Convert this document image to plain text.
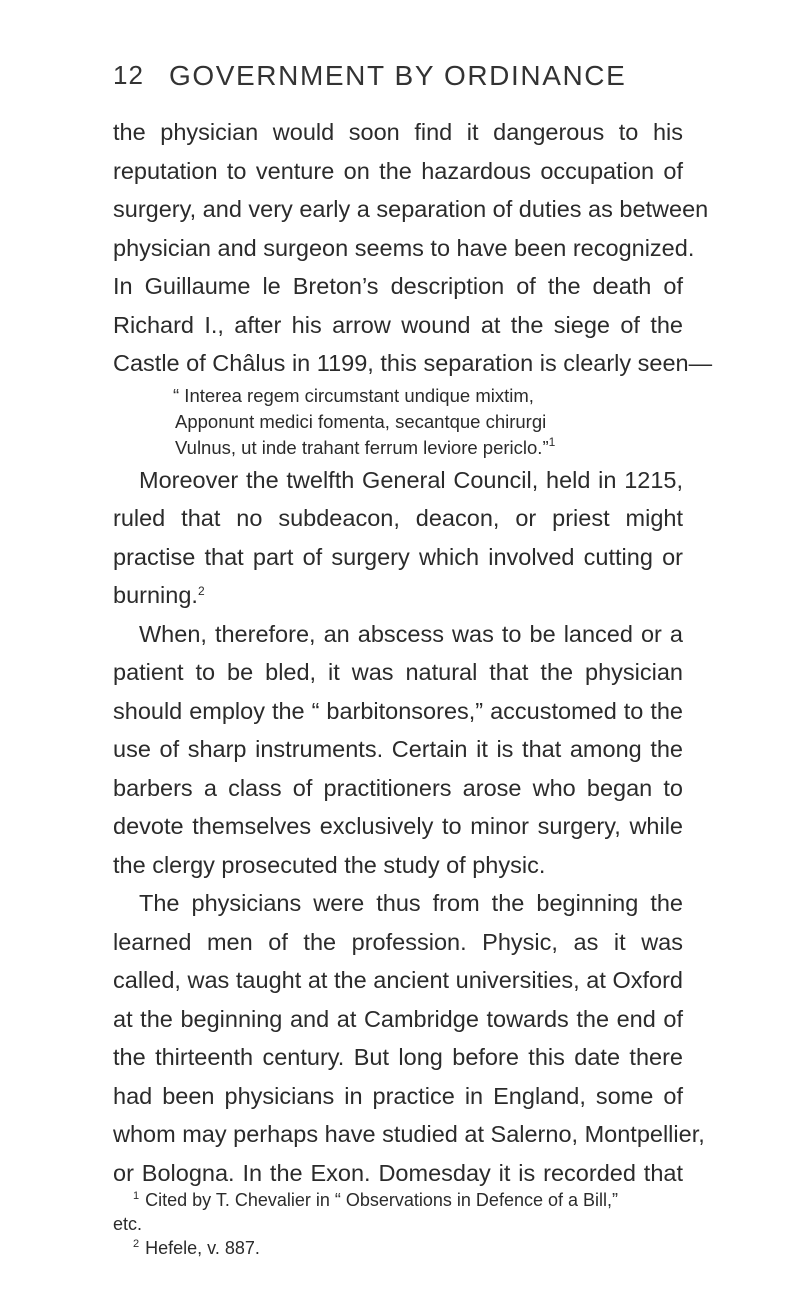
12 GOVERNMENT BY ORDINANCE
the physician would soon find it dangerous to his
reputation to venture on the hazardous occupation of
surgery, and very early a separation of duties as between
physician and surgeon seems to have been recognized.
In Guillaume le Breton’s description of the death of
Richard I., after his arrow wound at the siege of the
Castle of Châlus in 1199, this separation is clearly seen—
“ Interea regem circumstant undique mixtim,
Apponunt medici fomenta, secantque chirurgi
Vulnus, ut inde trahant ferrum leviore periclo.”$^1$
Moreover the twelfth General Council, held in 1215,
ruled that no subdeacon, deacon, or priest might
practise that part of surgery which involved cutting or
burning.$^2$
When, therefore, an abscess was to be lanced or a
patient to be bled, it was natural that the physician
should employ the “ barbitonsores,” accustomed to the
use of sharp instruments. Certain it is that among the
barbers a class of practitioners arose who began to
devote themselves exclusively to minor surgery, while
the clergy prosecuted the study of physic.
The physicians were thus from the beginning the
learned men of the profession. Physic, as it was
called, was taught at the ancient universities, at Oxford
at the beginning and at Cambridge towards the end of
the thirteenth century. But long before this date there
had been physicians in practice in England, some of
whom may perhaps have studied at Salerno, Montpellier,
or Bologna. In the Exon. Domesday it is recorded that
$^1$ Cited by T. Chevalier in “ Observations in Defence of a Bill,”
etc.
$^2$ Hefele, v. 887.
